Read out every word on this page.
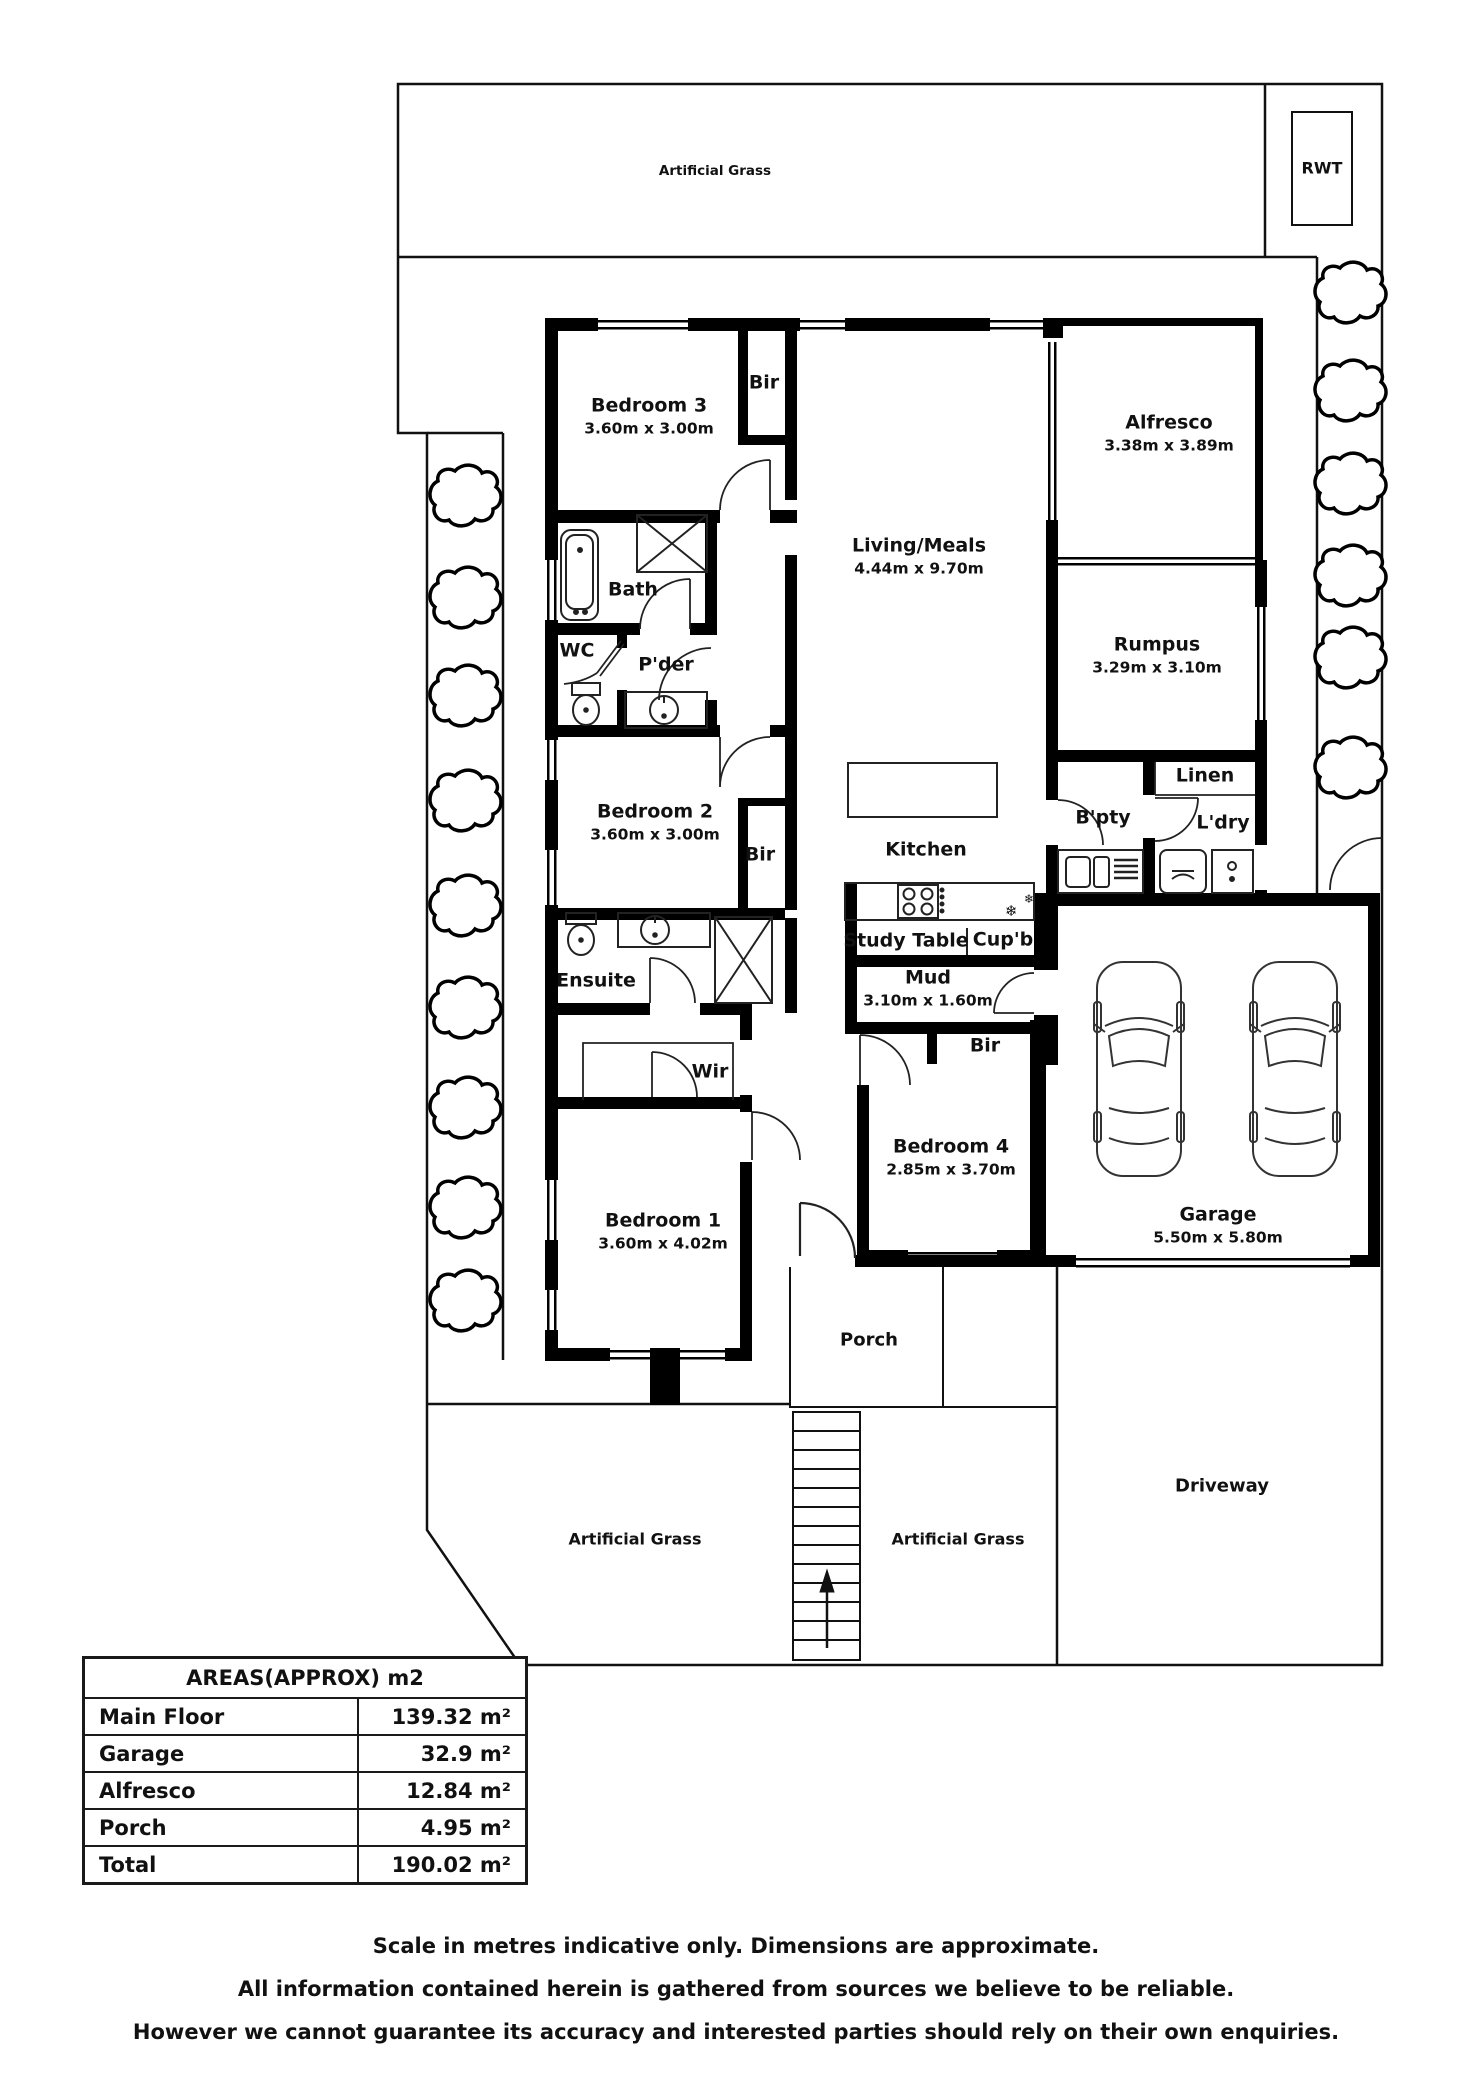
❄
❄
Artificial Grass	RWT
Bedroom 3
3.60m x 3.00m
Bir
Alfresco
3.38m x 3.89m
Living/Meals
4.44m x 9.70m
Bath
WC
P'der
Rumpus
3.29m x 3.10m
Linen
B'pty	L'dry
Bedroom 2
3.60m x 3.00m
Bir	Kitchen
Study Table Cup'b
Mud
3.10m x 1.60m
Ensuite
Wir
Bir
Bedroom 4
2.85m x 3.70m
Garage
5.50m x 5.80m
Bedroom 1
3.60m x 4.02m
Porch
Driveway
Artificial Grass	Artificial Grass
AREAS(APPROX) m2
Main Floor	139.32 m²
Garage	32.9 m²
Alfresco	12.84 m²
Porch	4.95 m²
Total	190.02 m²
Scale in metres indicative only. Dimensions are approximate.
All information contained herein is gathered from sources we believe to be reliable.
However we cannot guarantee its accuracy and interested parties should rely on their own enquiries.
